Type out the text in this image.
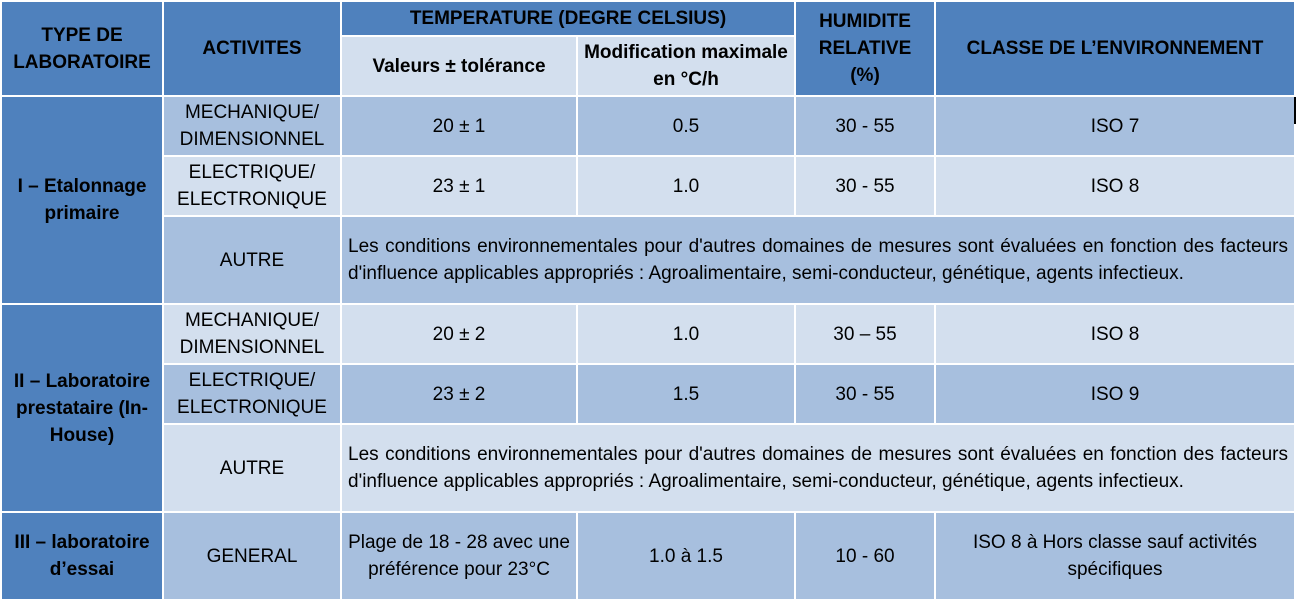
TYPE DE LABORATOIRE	ACTIVITES	TEMPERATURE (DEGRE CELSIUS)		HUMIDITE RELATIVE (%)	CLASSE DE L’ENVIRONNEMENT
		Valeurs ± tolérance	Modification maximale en °C/h		
I – Etalonnage primaire	MECHANIQUE/ DIMENSIONNEL	20 ± 1	0.5	30 - 55	ISO 7
	ELECTRIQUE/ ELECTRONIQUE	23 ± 1	1.0	30 - 55	ISO 8
	AUTRE	Les conditions environnementales pour d'autres domaines de mesures sont évaluées en fonction des facteurs d'influence applicables appropriés : Agroalimentaire, semi-conducteur, génétique, agents infectieux.			
II – Laboratoire prestataire (In-House)	MECHANIQUE/ DIMENSIONNEL	20 ± 2	1.0	30 – 55	ISO 8
	ELECTRIQUE/ ELECTRONIQUE	23 ± 2	1.5	30 - 55	ISO 9
	AUTRE	Les conditions environnementales pour d'autres domaines de mesures sont évaluées en fonction des facteurs d'influence applicables appropriés : Agroalimentaire, semi-conducteur, génétique, agents infectieux.			
III – laboratoire d’essai	GENERAL	Plage de 18 - 28 avec une préférence pour 23°C	1.0 à 1.5	10 - 60	ISO 8 à Hors classe sauf activités spécifiques
